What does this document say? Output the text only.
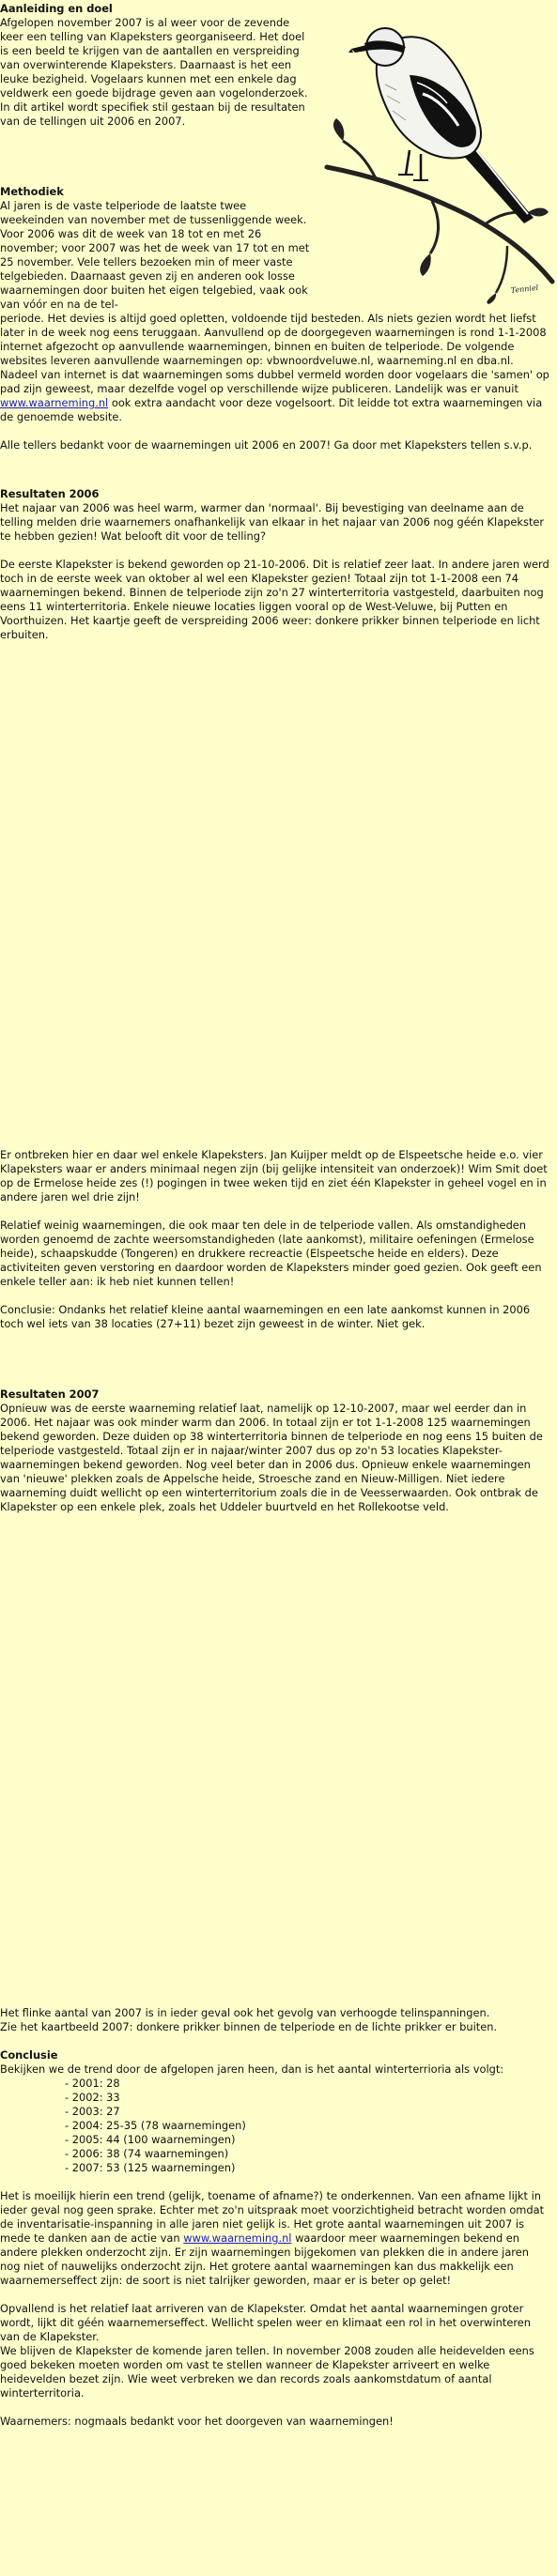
Tenniel

Aanleiding en doel

Afgelopen november 2007 is al weer voor de zevende keer een telling van Klapeksters georganiseerd. Het doel is een beeld te krijgen van de aantallen en verspreiding van overwinterende Klapeksters. Daarnaast is het een leuke bezigheid. Vogelaars kunnen met een enkele dag veldwerk een goede bijdrage geven aan vogelonderzoek. In dit artikel wordt specifiek stil gestaan bij de resultaten van de tellingen uit 2006 en 2007.

Methodiek

Al jaren is de vaste telperiode de laatste twee weekeinden van november met de tussenliggende week. Voor 2006 was dit de week van 18 tot en met 26 november; voor 2007 was het de week van 17 tot en met 25 november. Vele tellers bezoeken min of meer vaste telgebieden. Daarnaast geven zij en anderen ook losse waarnemingen door buiten het eigen telgebied, vaak ook van vóór en na de tel-

periode. Het devies is altijd goed opletten, voldoende tijd besteden. Als niets gezien wordt het liefst later in de week nog eens teruggaan. Aanvullend op de doorgegeven waarnemingen is rond 1-1-2008 internet afgezocht op aanvullende waarnemingen, binnen en buiten de telperiode. De volgende websites leveren aanvullende waarnemingen op: vbwnoordveluwe.nl, waarneming.nl en dba.nl. Nadeel van internet is dat waarnemingen soms dubbel vermeld worden door vogelaars die 'samen' op pad zijn geweest, maar dezelfde vogel op verschillende wijze publiceren. Landelijk was er vanuit www.waarneming.nl ook extra aandacht voor deze vogelsoort. Dit leidde tot extra waarnemingen via de genoemde website.

Alle tellers bedankt voor de waarnemingen uit 2006 en 2007! Ga door met Klapeksters tellen s.v.p.

Resultaten 2006

Het najaar van 2006 was heel warm, warmer dan 'normaal'. Bij bevestiging van deelname aan de telling melden drie waarnemers onafhankelijk van elkaar in het najaar van 2006 nog géén Klapekster te hebben gezien! Wat belooft dit voor de telling?

De eerste Klapekster is bekend geworden op 21-10-2006. Dit is relatief zeer laat. In andere jaren werd toch in de eerste week van oktober al wel een Klapekster gezien! Totaal zijn tot 1-1-2008 een 74 waarnemingen bekend. Binnen de telperiode zijn zo'n 27 winterterritoria vastgesteld, daarbuiten nog eens 11 winterterritoria. Enkele nieuwe locaties liggen vooral op de West-Veluwe, bij Putten en Voorthuizen. Het kaartje geeft de verspreiding 2006 weer: donkere prikker binnen telperiode en licht erbuiten.

Er ontbreken hier en daar wel enkele Klapeksters. Jan Kuijper meldt op de Elspeetsche heide e.o. vier Klapeksters waar er anders minimaal negen zijn (bij gelijke intensiteit van onderzoek)! Wim Smit doet op de Ermelose heide zes (!) pogingen in twee weken tijd en ziet één Klapekster in geheel vogel en in andere jaren wel drie zijn!

Relatief weinig waarnemingen, die ook maar ten dele in de telperiode vallen. Als omstandigheden worden genoemd de zachte weersomstandigheden (late aankomst), militaire oefeningen (Ermelose heide), schaapskudde (Tongeren) en drukkere recreactie (Elspeetsche heide en elders). Deze activiteiten geven verstoring en daardoor worden de Klapeksters minder goed gezien. Ook geeft een enkele teller aan: ik heb niet kunnen tellen!

Conclusie: Ondanks het relatief kleine aantal waarnemingen en een late aankomst kunnen in 2006 toch wel iets van 38 locaties (27+11) bezet zijn geweest in de winter. Niet gek.

Resultaten 2007

Opnieuw was de eerste waarneming relatief laat, namelijk op 12-10-2007, maar wel eerder dan in 2006. Het najaar was ook minder warm dan 2006. In totaal zijn er tot 1-1-2008 125 waarnemingen bekend geworden. Deze duiden op 38 winterterritoria binnen de telperiode en nog eens 15 buiten de telperiode vastgesteld. Totaal zijn er in najaar/winter 2007 dus op zo'n 53 locaties Klapekster-waarnemingen bekend geworden. Nog veel beter dan in 2006 dus. Opnieuw enkele waarnemingen van 'nieuwe' plekken zoals de Appelsche heide, Stroesche zand en Nieuw-Milligen. Niet iedere waarneming duidt wellicht op een winterterritorium zoals die in de Veesserwaarden. Ook ontbrak de Klapekster op een enkele plek, zoals het Uddeler buurtveld en het Rollekootse veld.

Het flinke aantal van 2007 is in ieder geval ook het gevolg van verhoogde telinspanningen.

Zie het kaartbeeld 2007: donkere prikker binnen de telperiode en de lichte prikker er buiten.

Conclusie

Bekijken we de trend door de afgelopen jaren heen, dan is het aantal winterterrioria als volgt:

- 2001: 28
- 2002: 33
- 2003: 27
- 2004: 25-35 (78 waarnemingen)
- 2005: 44 (100 waarnemingen)
- 2006: 38 (74 waarnemingen)
- 2007: 53 (125 waarnemingen)

Het is moeilijk hierin een trend (gelijk, toename of afname?) te onderkennen. Van een afname lijkt in ieder geval nog geen sprake. Echter met zo'n uitspraak moet voorzichtigheid betracht worden omdat de inventarisatie-inspanning in alle jaren niet gelijk is. Het grote aantal waarnemingen uit 2007 is mede te danken aan de actie van www.waarneming.nl waardoor meer waarnemingen bekend en andere plekken onderzocht zijn. Er zijn waarnemingen bijgekomen van plekken die in andere jaren nog niet of nauwelijks onderzocht zijn. Het grotere aantal waarnemingen kan dus makkelijk een waarnemerseffect zijn: de soort is niet talrijker geworden, maar er is beter op gelet!

Opvallend is het relatief laat arriveren van de Klapekster. Omdat het aantal waarnemingen groter wordt, lijkt dit géén waarnemerseffect. Wellicht spelen weer en klimaat een rol in het overwinteren van de Klapekster.

We blijven de Klapekster de komende jaren tellen. In november 2008 zouden alle heidevelden eens goed bekeken moeten worden om vast te stellen wanneer de Klapekster arriveert en welke heidevelden bezet zijn. Wie weet verbreken we dan records zoals aankomstdatum of aantal winterterritoria.

Waarnemers: nogmaals bedankt voor het doorgeven van waarnemingen!
